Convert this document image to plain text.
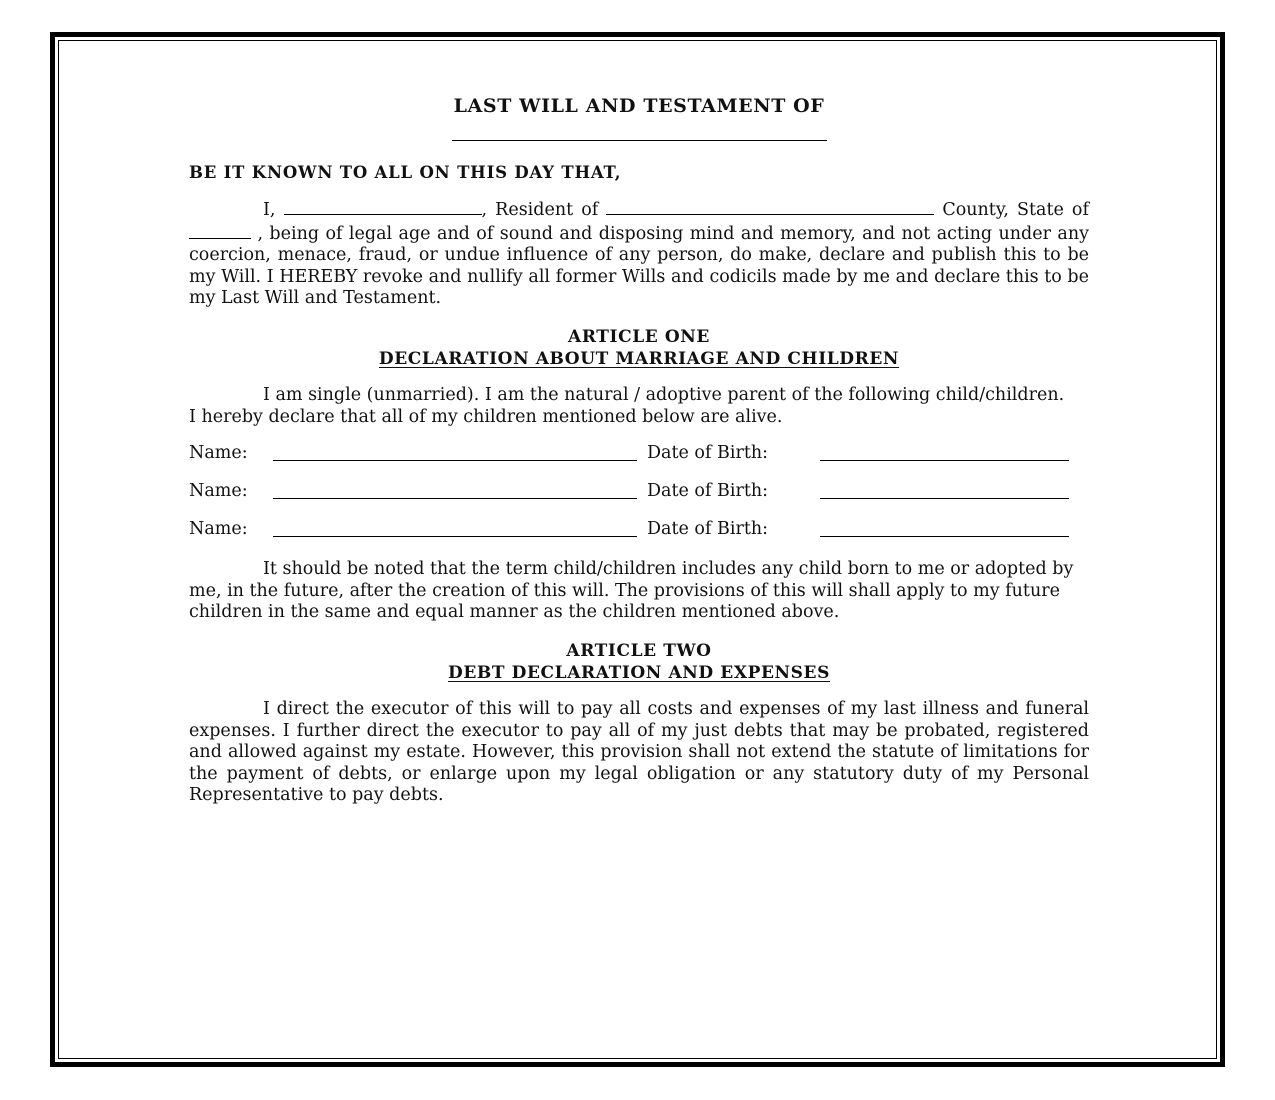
LAST WILL AND TESTAMENT OF
BE IT KNOWN TO ALL ON THIS DAY THAT,

I,	, Resident of	County, State of  , being of legal age and of sound and disposing mind and memory, and not acting under any coercion, menace, fraud, or undue influence of any person, do make, declare and publish this to be my Will. I HEREBY revoke and nullify all former Wills and codicils made by me and declare this to be my Last Will and Testament.

ARTICLE ONE
DECLARATION ABOUT MARRIAGE AND CHILDREN

I am single (unmarried). I am the natural / adoptive parent of the following child/children. I hereby declare that all of my children mentioned below are alive.

Name:	Date of Birth:
Name:	Date of Birth:
Name:	Date of Birth:

It should be noted that the term child/children includes any child born to me or adopted by me, in the future, after the creation of this will. The provisions of this will shall apply to my future children in the same and equal manner as the children mentioned above.

ARTICLE TWO
DEBT DECLARATION AND EXPENSES

I direct the executor of this will to pay all costs and expenses of my last illness and funeral expenses. I further direct the executor to pay all of my just debts that may be probated, registered and allowed against my estate. However, this provision shall not extend the statute of limitations for the payment of debts, or enlarge upon my legal obligation or any statutory duty of my Personal Representative to pay debts.
